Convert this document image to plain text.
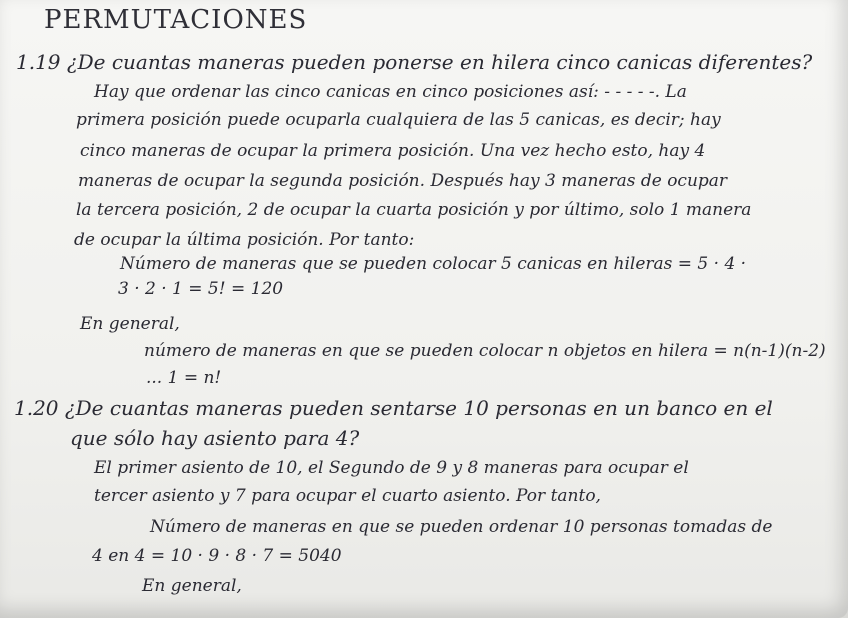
PERMUTACIONES
1.19 ¿De cuantas maneras pueden ponerse en hilera cinco canicas diferentes?
Hay que ordenar las cinco canicas en cinco posiciones así: - - - - -. La
primera posición puede ocuparla cualquiera de las 5 canicas, es decir; hay
cinco maneras de ocupar la primera posición. Una vez hecho esto, hay 4
maneras de ocupar la segunda posición. Después hay 3 maneras de ocupar
la tercera posición, 2 de ocupar la cuarta posición y por último, solo 1 manera
de ocupar la última posición. Por tanto:
Número de maneras que se pueden colocar 5 canicas en hileras = 5 · 4 ·
3 · 2 · 1 = 5! = 120
En general,
número de maneras en que se pueden colocar n objetos en hilera = n(n-1)(n-2)
... 1 = n!
1.20 ¿De cuantas maneras pueden sentarse 10 personas en un banco en el
que sólo hay asiento para 4?
El primer asiento de 10, el Segundo de 9 y 8 maneras para ocupar el
tercer asiento y 7 para ocupar el cuarto asiento. Por tanto,
Número de maneras en que se pueden ordenar 10 personas tomadas de
4 en 4 = 10 · 9 · 8 · 7 = 5040
En general,
